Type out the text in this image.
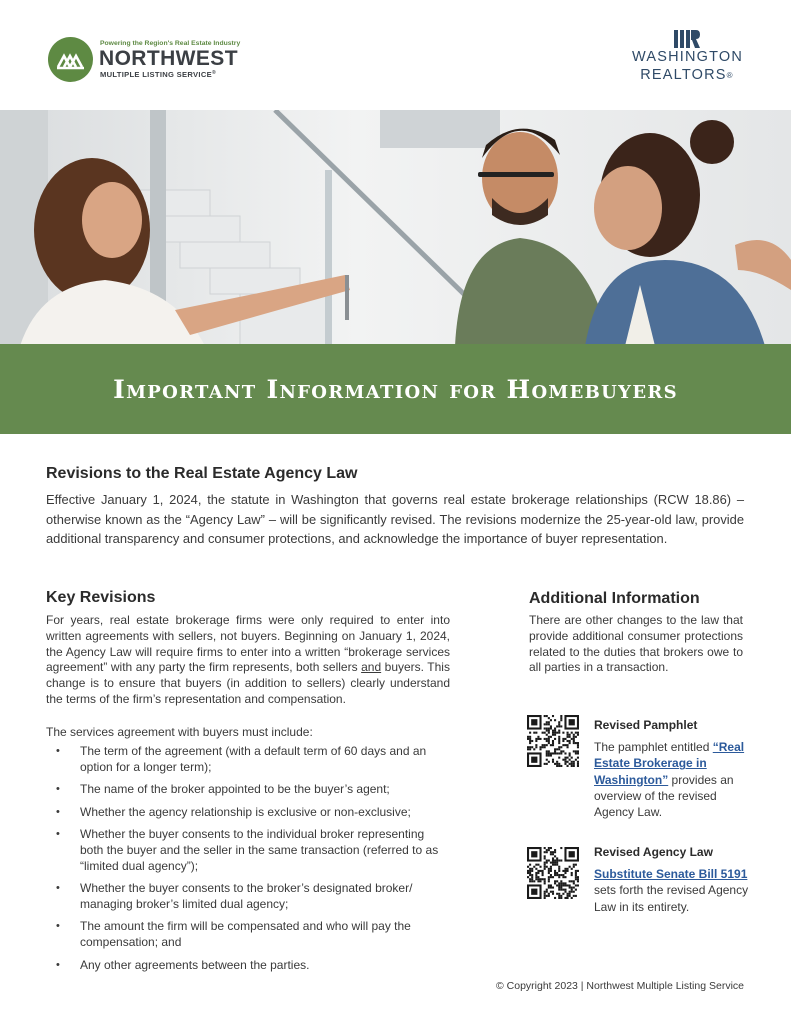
Powering the Region's Real Estate Industry
NORTHWEST
MULTIPLE LISTING SERVICE®
WASHINGTON
REALTORS®
Important Information for Homebuyers
Revisions to the Real Estate Agency Law

Effective January 1, 2024, the statute in Washington that governs real estate brokerage relationships (RCW 18.86) – otherwise known as the “Agency Law” – will be significantly revised. The revisions modernize the 25-year-old law, provide additional transparency and consumer protections, and acknowledge the importance of buyer representation.

Key Revisions

For years, real estate brokerage firms were only required to enter into written agreements with sellers, not buyers. Beginning on January 1, 2024, the Agency Law will require firms to enter into a written “brokerage services agreement” with any party the firm represents, both sellers and buyers. This change is to ensure that buyers (in addition to sellers) clearly understand the terms of the firm’s representation and compensation.

The services agreement with buyers must include:
• The term of the agreement (with a default term of 60 days and an option for a longer term);
• The name of the broker appointed to be the buyer’s agent;
• Whether the agency relationship is exclusive or non-exclusive;
• Whether the buyer consents to the individual broker representing both the buyer and the seller in the same transaction (referred to as “limited dual agency”);
• Whether the buyer consents to the broker’s designated broker/ managing broker’s limited dual agency;
• The amount the firm will be compensated and who will pay the compensation; and
• Any other agreements between the parties.
Additional Information

There are other changes to the law that provide additional consumer protections related to the duties that brokers owe to all parties in a transaction.

Revised Pamphlet
The pamphlet entitled “Real Estate Brokerage in Washington” provides an overview of the revised Agency Law.
Revised Agency Law
Substitute Senate Bill 5191 sets forth the revised Agency Law in its entirety.
© Copyright 2023 | Northwest Multiple Listing Service
